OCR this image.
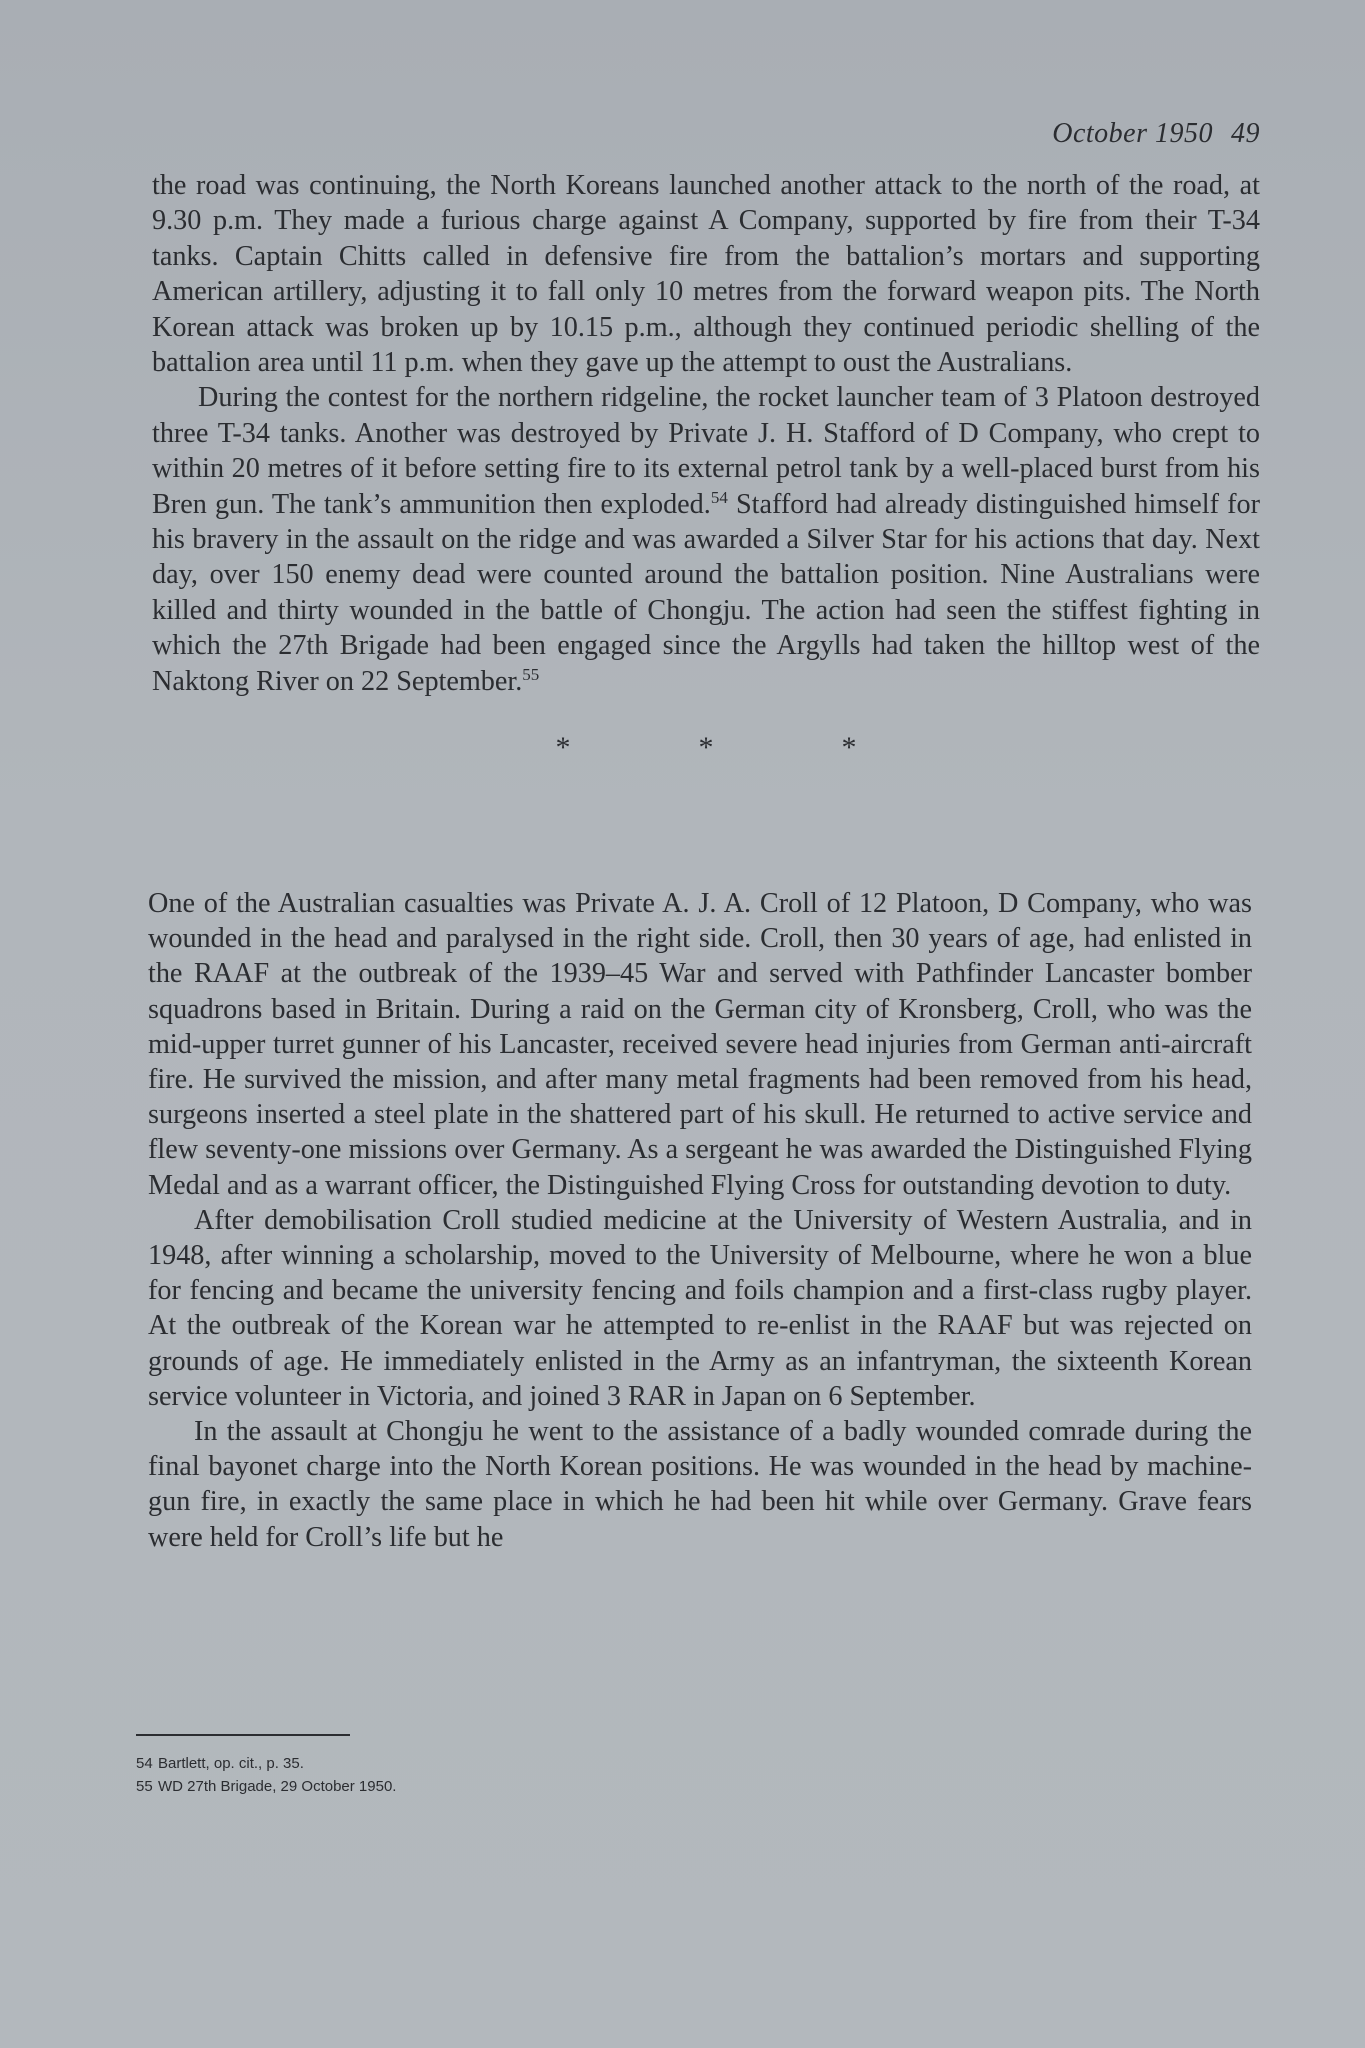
October 1950 49

the road was continuing, the North Koreans launched another attack to the north of the road, at 9.30 p.m. They made a furious charge against A Company, supported by fire from their T-34 tanks. Captain Chitts called in defensive fire from the battalion’s mortars and supporting American artillery, adjusting it to fall only 10 metres from the forward weapon pits. The North Korean attack was broken up by 10.15 p.m., although they continued periodic shelling of the battalion area until 11 p.m. when they gave up the attempt to oust the Australians.

During the contest for the northern ridgeline, the rocket launcher team of 3 Platoon destroyed three T-34 tanks. Another was destroyed by Private J. H. Stafford of D Company, who crept to within 20 metres of it before setting fire to its external petrol tank by a well-placed burst from his Bren gun. The tank’s ammunition then exploded.$^{54}$ Stafford had already distinguished himself for his bravery in the assault on the ridge and was awarded a Silver Star for his actions that day. Next day, over 150 enemy dead were counted around the battalion position. Nine Australians were killed and thirty wounded in the battle of Chongju. The action had seen the stiffest fighting in which the 27th Brigade had been engaged since the Argylls had taken the hilltop west of the Naktong River on 22 September.$^{55}$

*	*	*

One of the Australian casualties was Private A. J. A. Croll of 12 Platoon, D Company, who was wounded in the head and paralysed in the right side. Croll, then 30 years of age, had enlisted in the RAAF at the outbreak of the 1939–45 War and served with Pathfinder Lancaster bomber squadrons based in Britain. During a raid on the German city of Kronsberg, Croll, who was the mid-upper turret gunner of his Lancaster, received severe head injuries from German anti-aircraft fire. He survived the mission, and after many metal fragments had been removed from his head, surgeons inserted a steel plate in the shattered part of his skull. He returned to active service and flew seventy-one missions over Germany. As a sergeant he was awarded the Distinguished Flying Medal and as a warrant officer, the Distinguished Flying Cross for outstanding devotion to duty.

After demobilisation Croll studied medicine at the University of Western Australia, and in 1948, after winning a scholarship, moved to the University of Melbourne, where he won a blue for fencing and became the university fencing and foils champion and a first-class rugby player. At the outbreak of the Korean war he attempted to re-enlist in the RAAF but was rejected on grounds of age. He immediately enlisted in the Army as an infantryman, the sixteenth Korean service volunteer in Victoria, and joined 3 RAR in Japan on 6 September.

In the assault at Chongju he went to the assistance of a badly wounded comrade during the final bayonet charge into the North Korean positions. He was wounded in the head by machine-gun fire, in exactly the same place in which he had been hit while over Germany. Grave fears were held for Croll’s life but he

54 Bartlett, op. cit., p. 35.
55 WD 27th Brigade, 29 October 1950.
